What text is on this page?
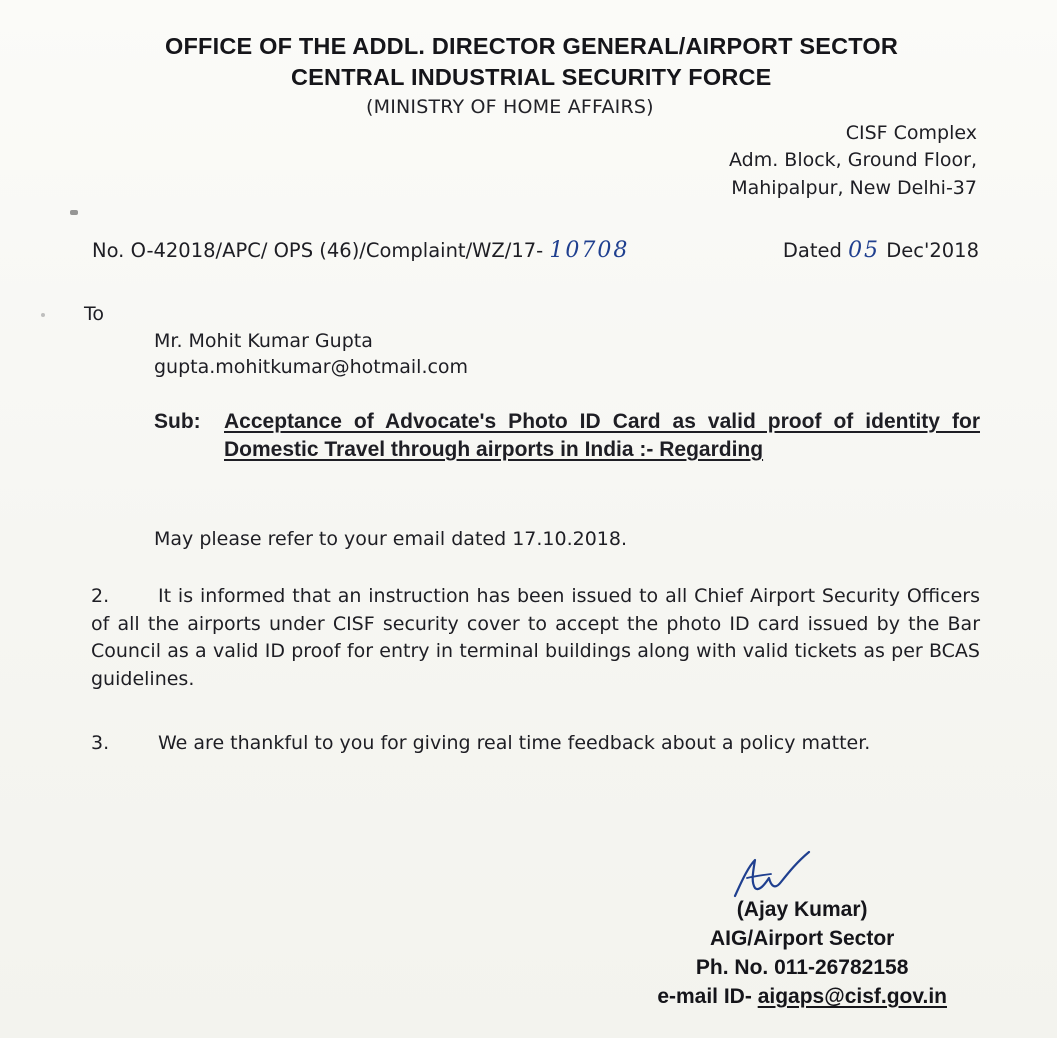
OFFICE OF THE ADDL. DIRECTOR GENERAL/AIRPORT SECTOR
CENTRAL INDUSTRIAL SECURITY FORCE
(MINISTRY OF HOME AFFAIRS)
CISF Complex
Adm. Block, Ground Floor,
Mahipalpur, New Delhi-37
No. O-42018/APC/ OPS (46)/Complaint/WZ/17- 10708	Dated 05 Dec'2018
To
Mr. Mohit Kumar Gupta
gupta.mohitkumar@hotmail.com
Sub: Acceptance of Advocate's Photo ID Card as valid proof of identity for Domestic Travel through airports in India :- Regarding
May please refer to your email dated 17.10.2018.
2.	It is informed that an instruction has been issued to all Chief Airport Security Officers of all the airports under CISF security cover to accept the photo ID card issued by the Bar Council as a valid ID proof for entry in terminal buildings along with valid tickets as per BCAS guidelines.
3.	We are thankful to you for giving real time feedback about a policy matter.
(Ajay Kumar)
AIG/Airport Sector
Ph. No. 011-26782158
e-mail ID- aigaps@cisf.gov.in
